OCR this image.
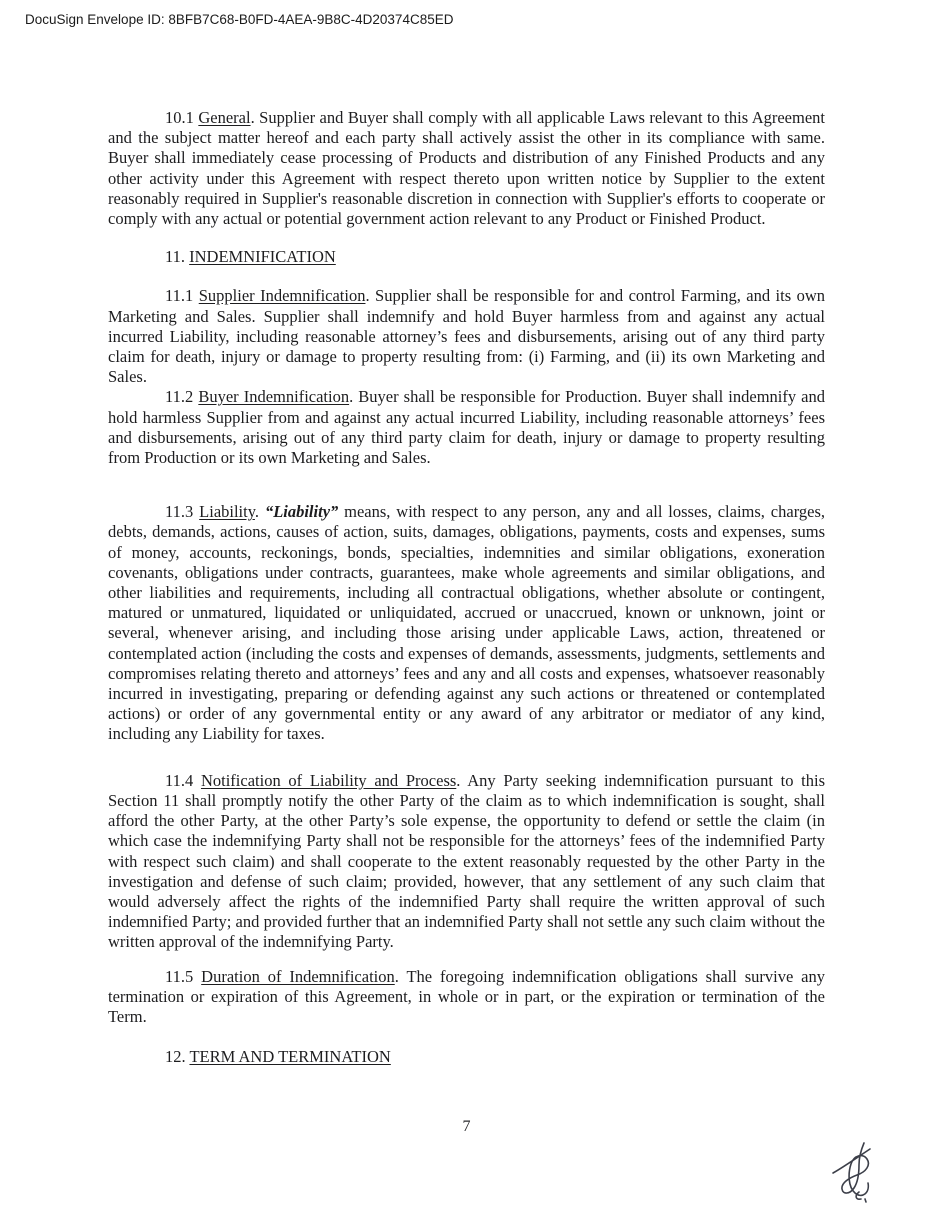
DocuSign Envelope ID: 8BFB7C68-B0FD-4AEA-9B8C-4D20374C85ED

10.1 General. Supplier and Buyer shall comply with all applicable Laws relevant to this Agreement and the subject matter hereof and each party shall actively assist the other in its compliance with same. Buyer shall immediately cease processing of Products and distribution of any Finished Products and any other activity under this Agreement with respect thereto upon written notice by Supplier to the extent reasonably required in Supplier's reasonable discretion in connection with Supplier's efforts to cooperate or comply with any actual or potential government action relevant to any Product or Finished Product.

11. INDEMNIFICATION

11.1 Supplier Indemnification. Supplier shall be responsible for and control Farming, and its own Marketing and Sales. Supplier shall indemnify and hold Buyer harmless from and against any actual incurred Liability, including reasonable attorney’s fees and disbursements, arising out of any third party claim for death, injury or damage to property resulting from: (i) Farming, and (ii) its own Marketing and Sales.

11.2 Buyer Indemnification. Buyer shall be responsible for Production. Buyer shall indemnify and hold harmless Supplier from and against any actual incurred Liability, including reasonable attorneys’ fees and disbursements, arising out of any third party claim for death, injury or damage to property resulting from Production or its own Marketing and Sales.

11.3 Liability. “Liability” means, with respect to any person, any and all losses, claims, charges, debts, demands, actions, causes of action, suits, damages, obligations, payments, costs and expenses, sums of money, accounts, reckonings, bonds, specialties, indemnities and similar obligations, exoneration covenants, obligations under contracts, guarantees, make whole agreements and similar obligations, and other liabilities and requirements, including all contractual obligations, whether absolute or contingent, matured or unmatured, liquidated or unliquidated, accrued or unaccrued, known or unknown, joint or several, whenever arising, and including those arising under applicable Laws, action, threatened or contemplated action (including the costs and expenses of demands, assessments, judgments, settlements and compromises relating thereto and attorneys’ fees and any and all costs and expenses, whatsoever reasonably incurred in investigating, preparing or defending against any such actions or threatened or contemplated actions) or order of any governmental entity or any award of any arbitrator or mediator of any kind, including any Liability for taxes.

11.4 Notification of Liability and Process. Any Party seeking indemnification pursuant to this Section 11 shall promptly notify the other Party of the claim as to which indemnification is sought, shall afford the other Party, at the other Party’s sole expense, the opportunity to defend or settle the claim (in which case the indemnifying Party shall not be responsible for the attorneys’ fees of the indemnified Party with respect such claim) and shall cooperate to the extent reasonably requested by the other Party in the investigation and defense of such claim; provided, however, that any settlement of any such claim that would adversely affect the rights of the indemnified Party shall require the written approval of such indemnified Party; and provided further that an indemnified Party shall not settle any such claim without the written approval of the indemnifying Party.

11.5 Duration of Indemnification. The foregoing indemnification obligations shall survive any termination or expiration of this Agreement, in whole or in part, or the expiration or termination of the Term.

12. TERM AND TERMINATION

7
